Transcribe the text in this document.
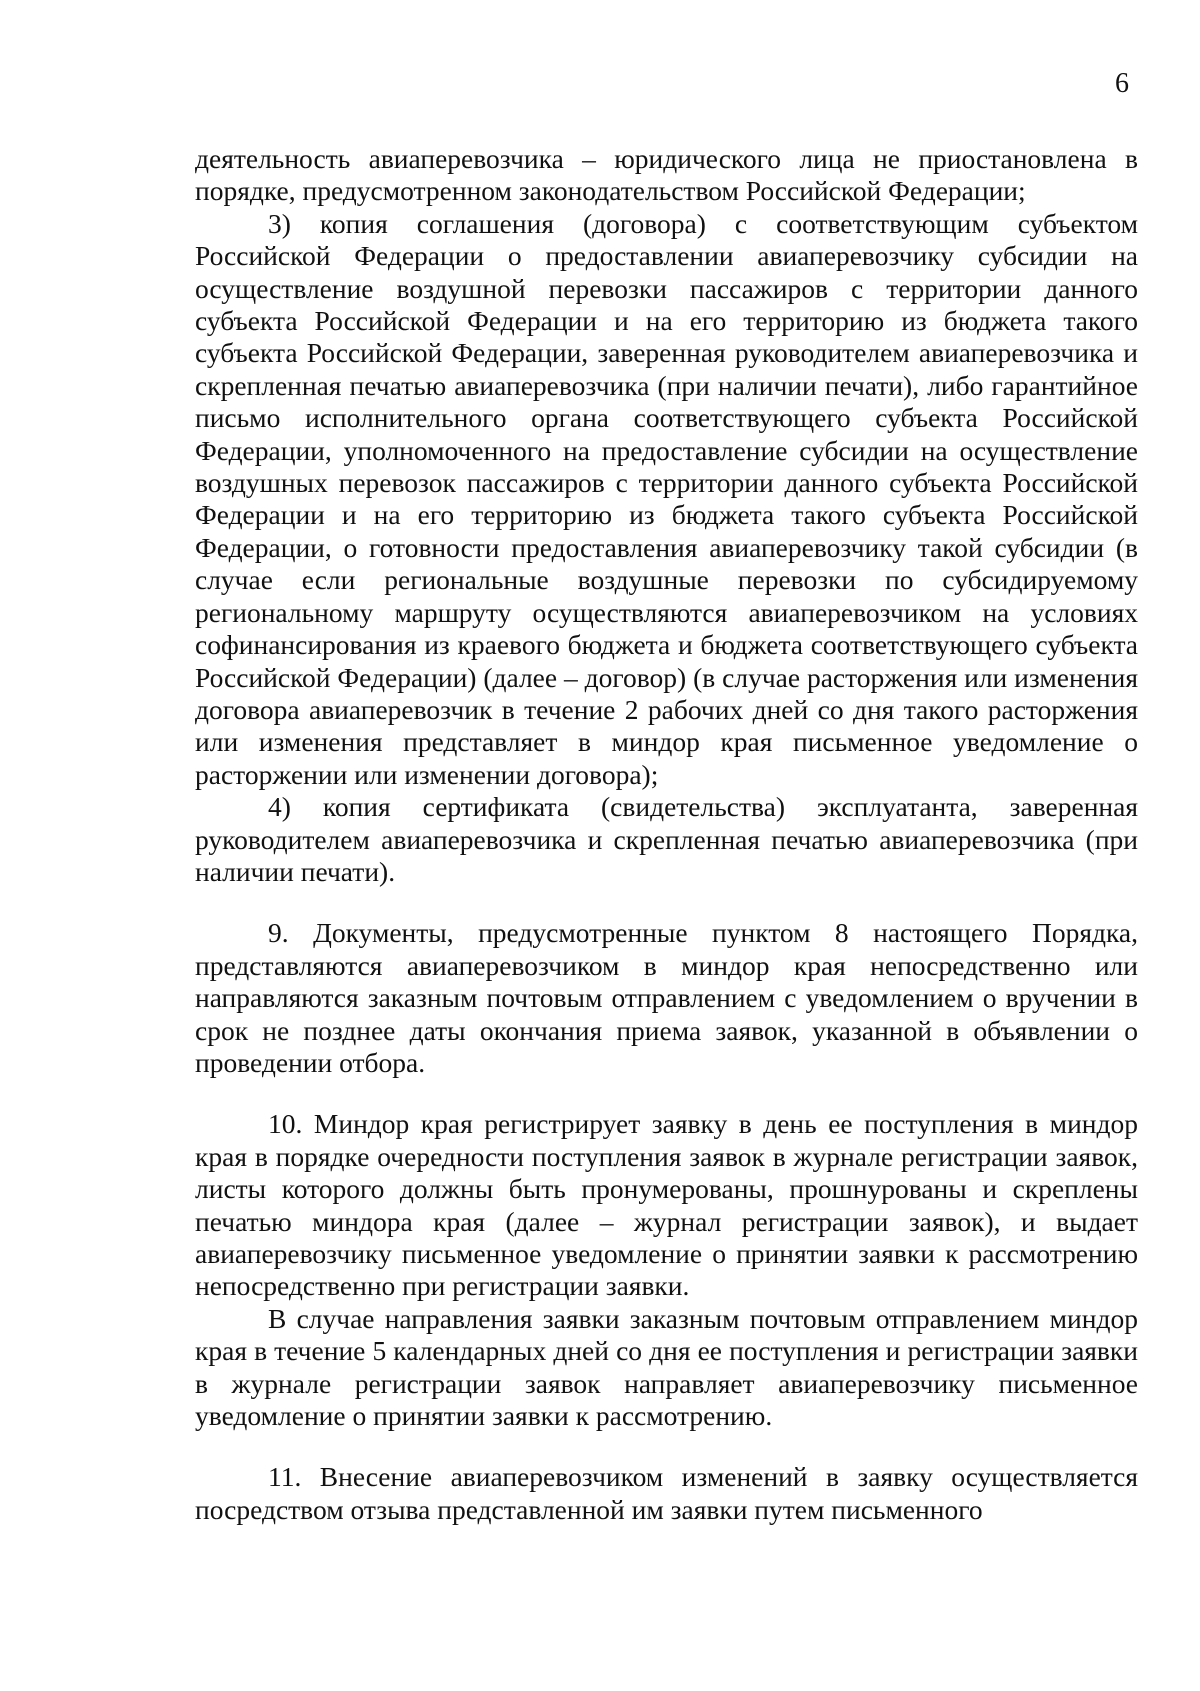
6

деятельность авиаперевозчика – юридического лица не приостановлена в порядке, предусмотренном законодательством Российской Федерации;

3) копия соглашения (договора) с соответствующим субъектом Российской Федерации о предоставлении авиаперевозчику субсидии на осуществление воздушной перевозки пассажиров с территории данного субъекта Российской Федерации и на его территорию из бюджета такого субъекта Российской Федерации, заверенная руководителем авиаперевозчика и скрепленная печатью авиаперевозчика (при наличии печати), либо гарантийное письмо исполнительного органа соответствующего субъекта Российской Федерации, уполномоченного на предоставление субсидии на осуществление воздушных перевозок пассажиров с территории данного субъекта Российской Федерации и на его территорию из бюджета такого субъекта Российской Федерации, о готовности предоставления авиаперевозчику такой субсидии (в случае если региональные воздушные перевозки по субсидируемому региональному маршруту осуществляются авиаперевозчиком на условиях софинансирования из краевого бюджета и бюджета соответствующего субъекта Российской Федерации) (далее – договор) (в случае расторжения или изменения договора авиаперевозчик в течение 2 рабочих дней со дня такого расторжения или изменения представляет в миндор края письменное уведомление о расторжении или изменении договора);

4) копия сертификата (свидетельства) эксплуатанта, заверенная руководителем авиаперевозчика и скрепленная печатью авиаперевозчика (при наличии печати).

9. Документы, предусмотренные пунктом 8 настоящего Порядка, представляются авиаперевозчиком в миндор края непосредственно или направляются заказным почтовым отправлением с уведомлением о вручении в срок не позднее даты окончания приема заявок, указанной в объявлении о проведении отбора.

10. Миндор края регистрирует заявку в день ее поступления в миндор края в порядке очередности поступления заявок в журнале регистрации заявок, листы которого должны быть пронумерованы, прошнурованы и скреплены печатью миндора края (далее – журнал регистрации заявок), и выдает авиаперевозчику письменное уведомление о принятии заявки к рассмотрению непосредственно при регистрации заявки.

В случае направления заявки заказным почтовым отправлением миндор края в течение 5 календарных дней со дня ее поступления и регистрации заявки в журнале регистрации заявок направляет авиаперевозчику письменное уведомление о принятии заявки к рассмотрению.

11. Внесение авиаперевозчиком изменений в заявку осуществляется посредством отзыва представленной им заявки путем письменного
